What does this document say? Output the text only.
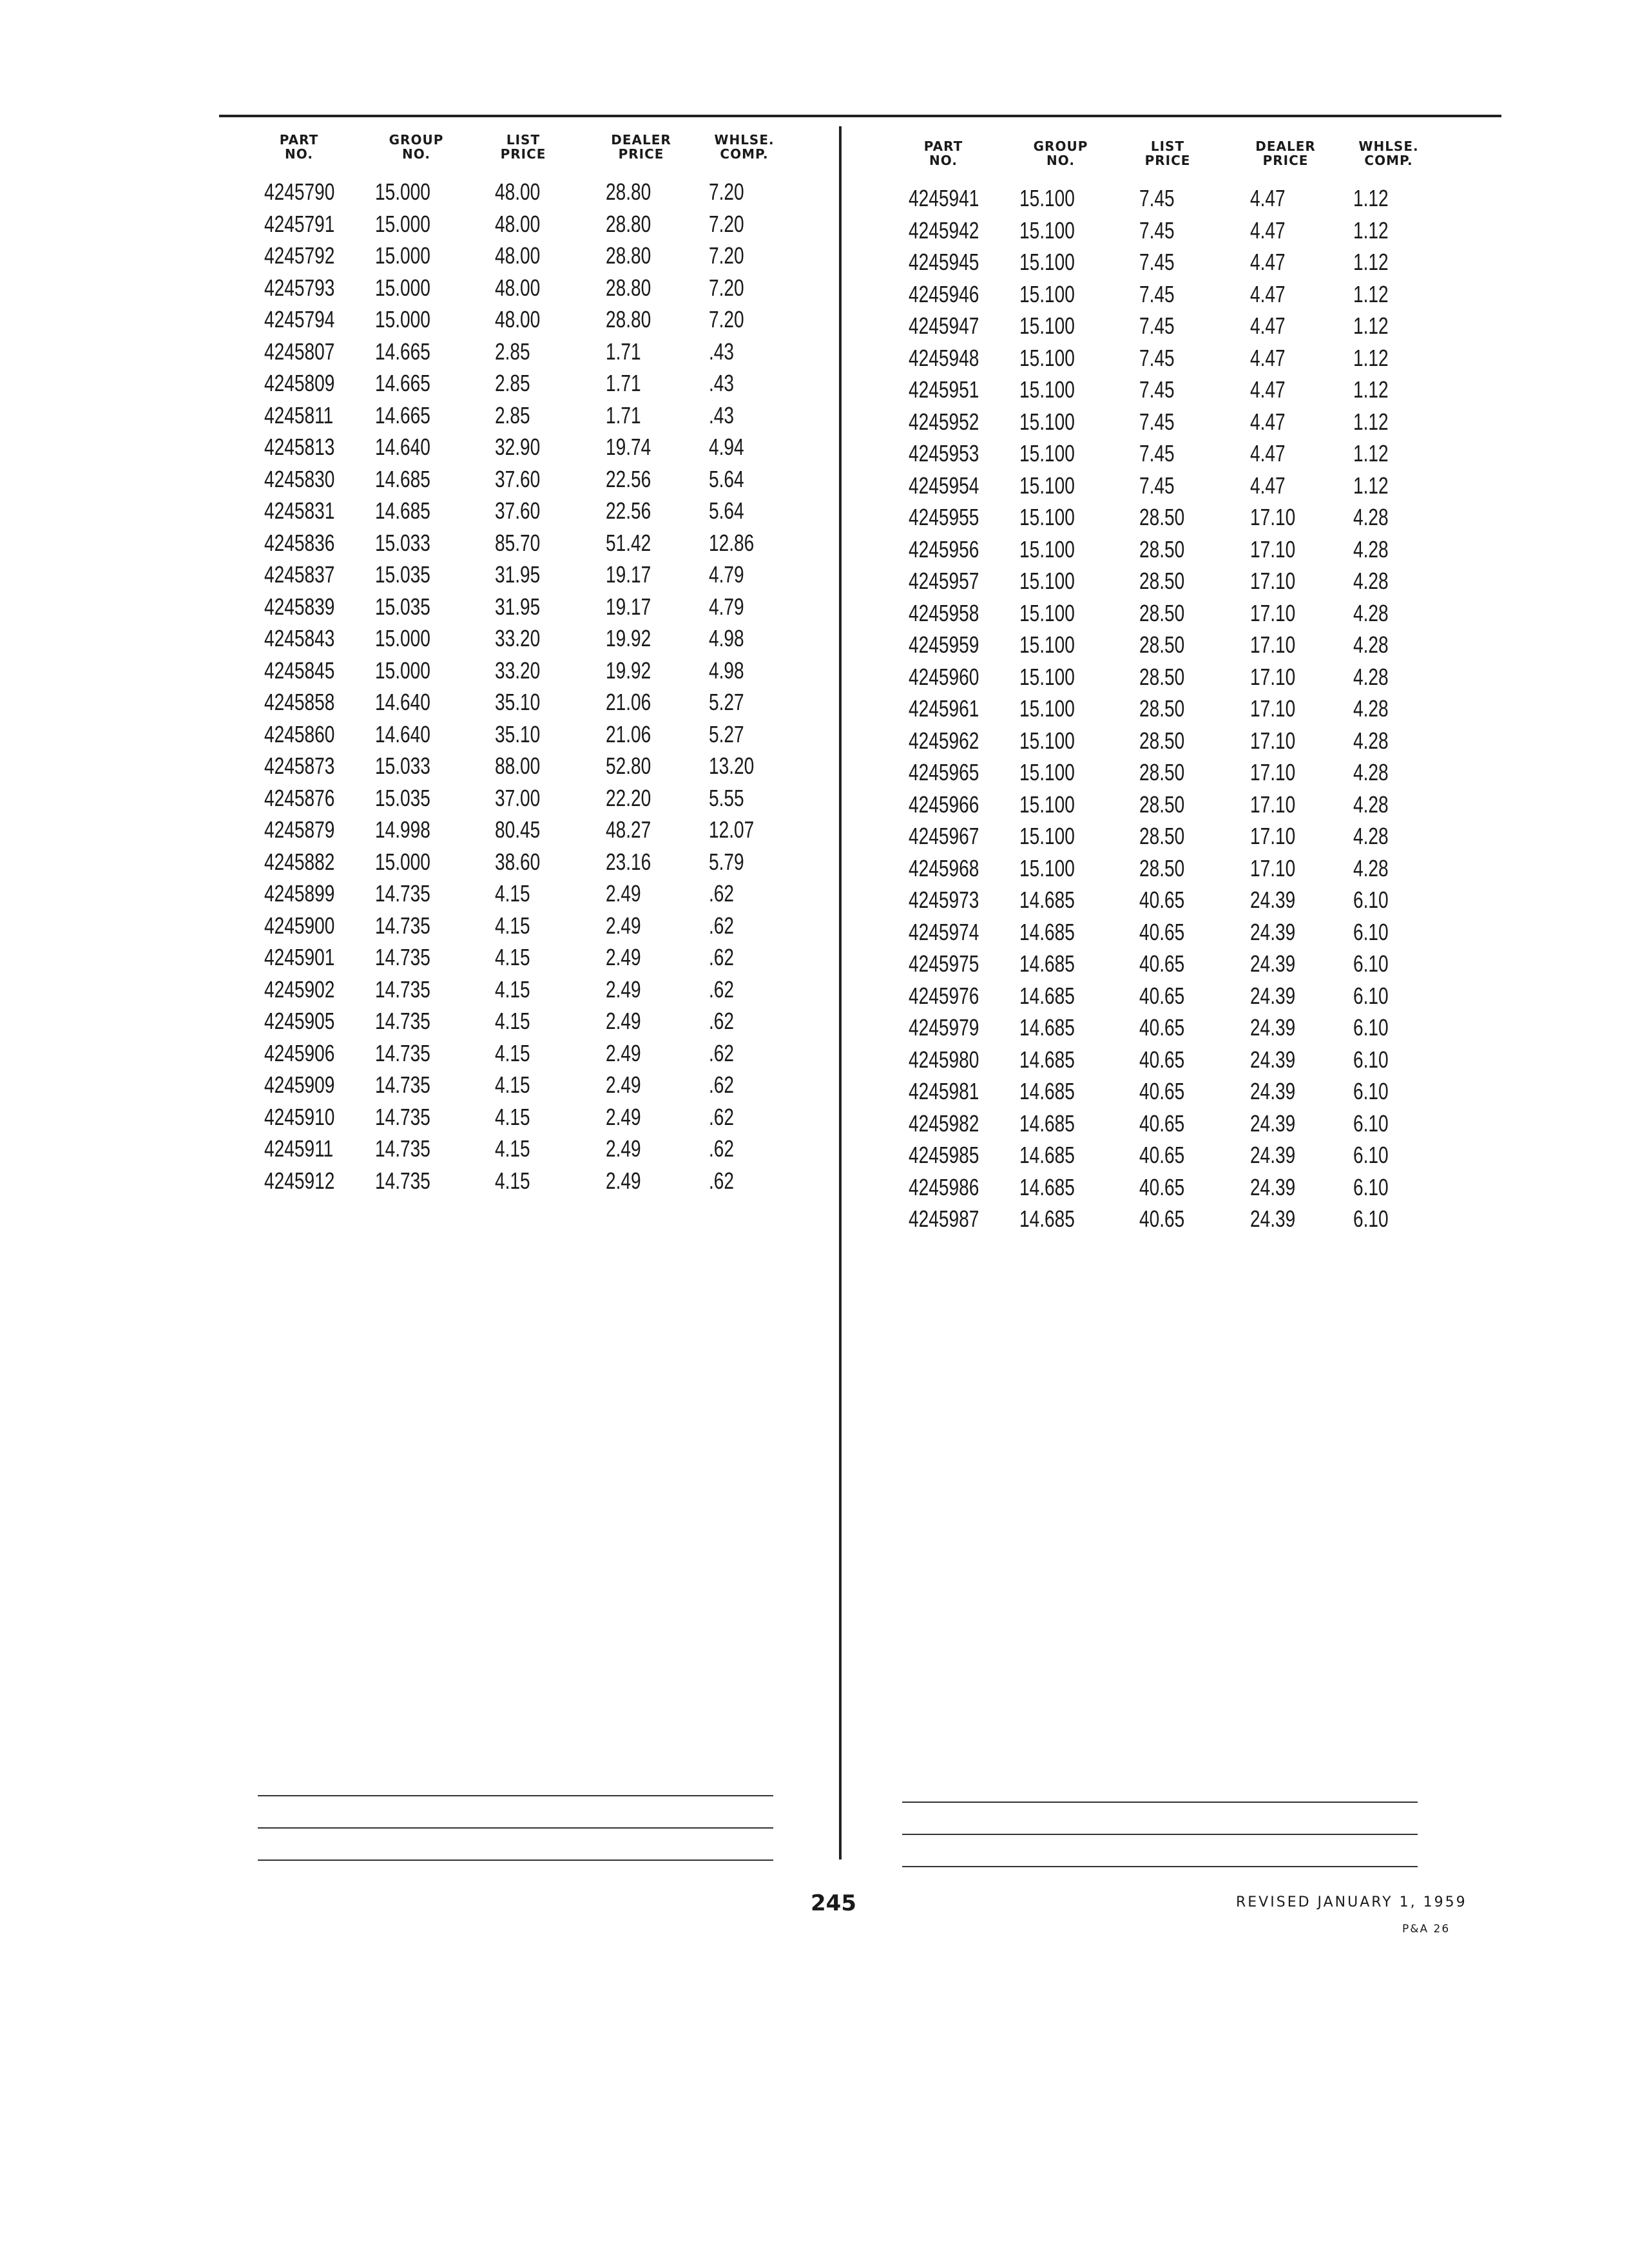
PART
NO.
GROUP
NO.
LIST
PRICE
DEALER
PRICE
WHLSE.
COMP.
4245790 15.000	48.00	28.80 7.20
4245791 15.000	48.00	28.80 7.20
4245792 15.000	48.00	28.80 7.20
4245793 15.000	48.00	28.80 7.20
4245794 15.000	48.00	28.80 7.20
4245807 14.665	2.85	1.71	.43
4245809 14.665	2.85	1.71	.43
4245811 14.665	2.85	1.71	.43
4245813 14.640	32.90	19.74 4.94
4245830 14.685	37.60	22.56 5.64
4245831 14.685	37.60	22.56 5.64
4245836 15.033	85.70	51.42 12.86
4245837 15.035	31.95	19.17 4.79
4245839 15.035	31.95	19.17 4.79
4245843 15.000	33.20	19.92 4.98
4245845 15.000	33.20	19.92 4.98
4245858 14.640	35.10	21.06 5.27
4245860 14.640	35.10	21.06 5.27
4245873 15.033	88.00	52.80 13.20
4245876 15.035	37.00	22.20 5.55
4245879 14.998	80.45	48.27 12.07
4245882 15.000	38.60	23.16 5.79
4245899 14.735	4.15	2.49	.62
4245900 14.735	4.15	2.49	.62
4245901 14.735	4.15	2.49	.62
4245902 14.735	4.15	2.49	.62
4245905 14.735	4.15	2.49	.62
4245906 14.735	4.15	2.49	.62
4245909 14.735	4.15	2.49	.62
4245910 14.735	4.15	2.49	.62
4245911 14.735	4.15	2.49	.62
4245912 14.735	4.15	2.49	.62
PART
NO.
GROUP
NO.
LIST
PRICE
DEALER
PRICE
WHLSE.
COMP.
4245941 15.100	7.45	4.47	1.12
4245942 15.100	7.45	4.47	1.12
4245945 15.100	7.45	4.47	1.12
4245946 15.100	7.45	4.47	1.12
4245947 15.100	7.45	4.47	1.12
4245948 15.100	7.45	4.47	1.12
4245951 15.100	7.45	4.47	1.12
4245952 15.100	7.45	4.47	1.12
4245953 15.100	7.45	4.47	1.12
4245954 15.100	7.45	4.47	1.12
4245955 15.100	28.50	17.10 4.28
4245956 15.100	28.50	17.10 4.28
4245957 15.100	28.50	17.10 4.28
4245958 15.100	28.50	17.10 4.28
4245959 15.100	28.50	17.10 4.28
4245960 15.100	28.50	17.10 4.28
4245961 15.100	28.50	17.10 4.28
4245962 15.100	28.50	17.10 4.28
4245965 15.100	28.50	17.10 4.28
4245966 15.100	28.50	17.10 4.28
4245967 15.100	28.50	17.10 4.28
4245968 15.100	28.50	17.10 4.28
4245973 14.685	40.65	24.39 6.10
4245974 14.685	40.65	24.39 6.10
4245975 14.685	40.65	24.39 6.10
4245976 14.685	40.65	24.39 6.10
4245979 14.685	40.65	24.39 6.10
4245980 14.685	40.65	24.39 6.10
4245981 14.685	40.65	24.39 6.10
4245982 14.685	40.65	24.39 6.10
4245985 14.685	40.65	24.39 6.10
4245986 14.685	40.65	24.39 6.10
4245987 14.685	40.65	24.39 6.10
245	REVISED JANUARY 1, 1959
P&A 26
